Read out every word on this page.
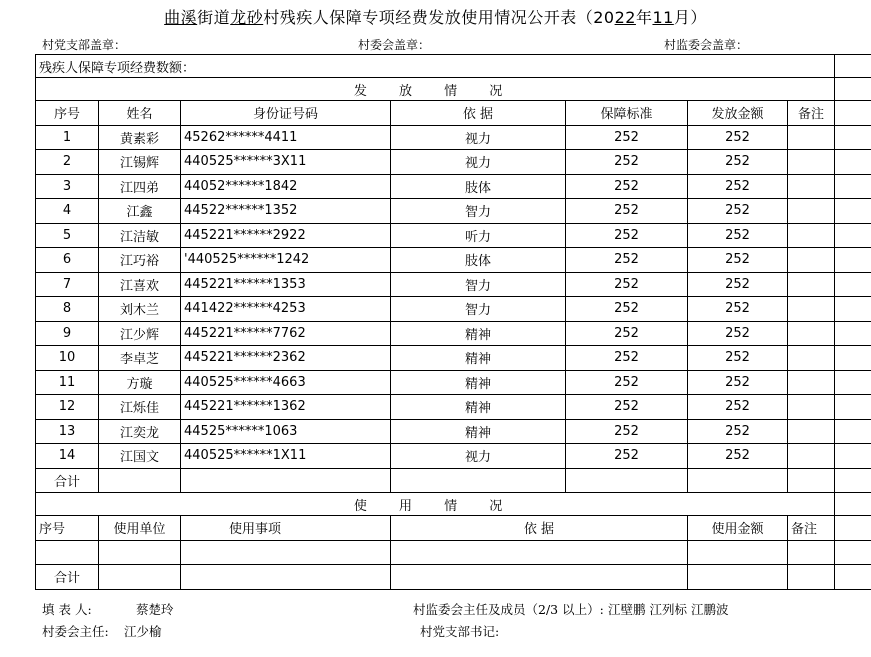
曲溪街道龙砂村残疾人保障专项经费发放使用情况公开表（2022年11月）
村党支部盖章：	村委会盖章：	村监委会盖章：
残疾人保障专项经费数额：							
发 放 情 况							
序号	姓名	身份证号码	依 据	保障标准	发放金额	备注	
1	黄素彩	45262******4411	视力	252	252		
2	江锡辉	440525******3X11	视力	252	252		
3	江四弟	44052******1842	肢体	252	252		
4	江鑫	44522******1352	智力	252	252		
5	江洁敏	445221******2922	听力	252	252		
6	江巧裕	'440525******1242	肢体	252	252		
7	江喜欢	445221******1353	智力	252	252		
8	刘木兰	441422******4253	智力	252	252		
9	江少辉	445221******7762	精神	252	252		
10	李卓芝	445221******2362	精神	252	252		
11	方璇	440525******4663	精神	252	252		
12	江烁佳	445221******1362	精神	252	252		
13	江奕龙	44525******1063	精神	252	252		
14	江国文	440525******1X11	视力	252	252		
合计							
使 用 情 况							
序号	使用单位	使用事项	依 据		使用金额	备注	

合计							
填 表 人:	蔡楚玲	村监委会主任及成员（2/3 以上）: 江壁鹏 江列标 江鹏波
村委会主任: 江少榆	村党支部书记:
